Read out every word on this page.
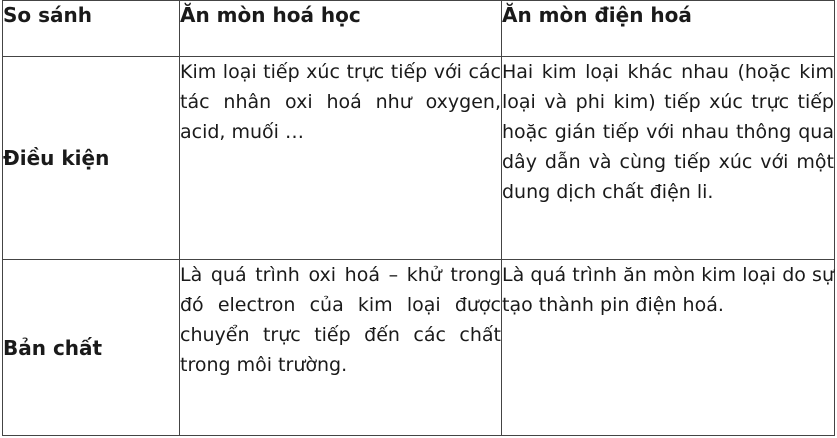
So sánh	Ăn mòn hoá học	Ăn mòn điện hoá
Điều kiện	Kim loại tiếp xúc trực tiếp với các tác nhân oxi hoá như oxygen, acid, muối …	Hai kim loại khác nhau (hoặc kim loại và phi kim) tiếp xúc trực tiếp hoặc gián tiếp với nhau thông qua dây dẫn và cùng tiếp xúc với một dung dịch chất điện li.
Bản chất	Là quá trình oxi hoá – khử trong đó electron của kim loại được chuyển trực tiếp đến các chất trong môi trường.	Là quá trình ăn mòn kim loại do sự tạo thành pin điện hoá.
